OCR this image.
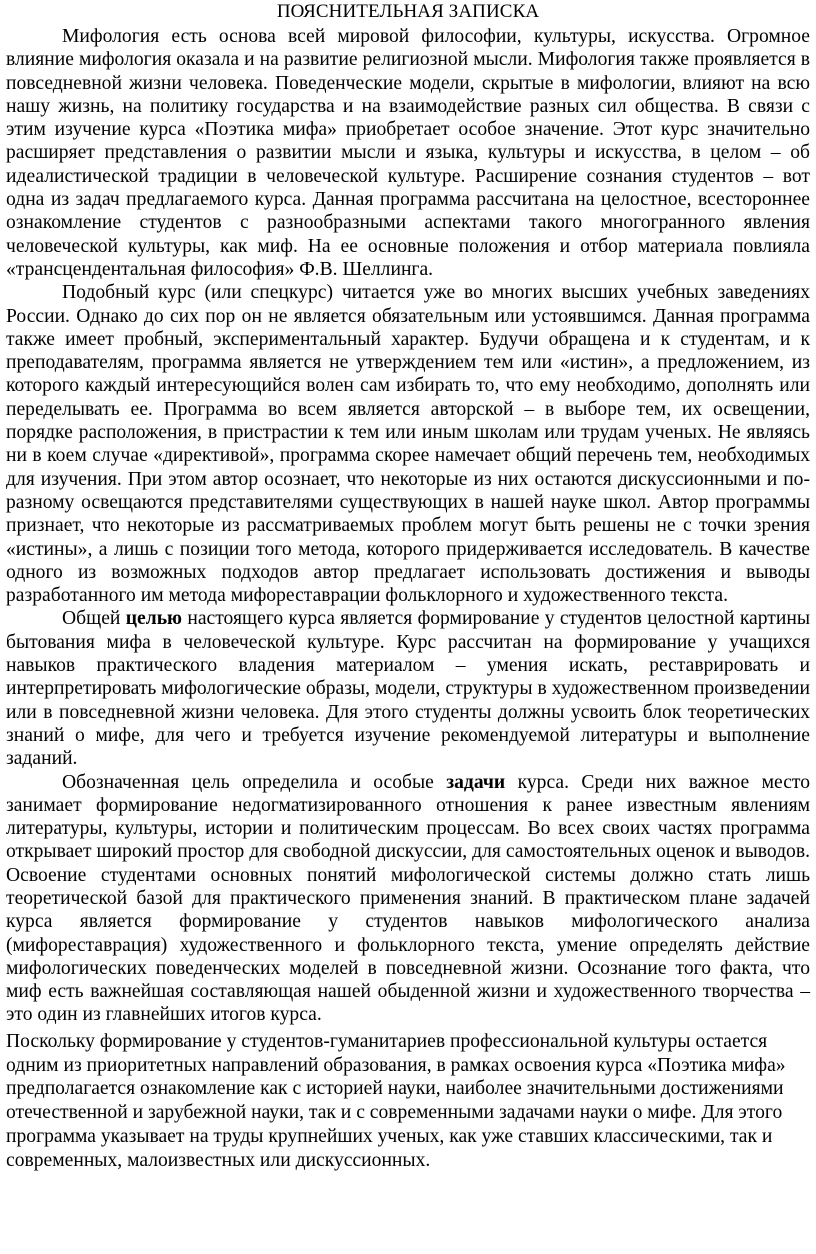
ПОЯСНИТЕЛЬНАЯ ЗАПИСКА

Мифология есть основа всей мировой философии, культуры, искусства. Огромное влияние мифология оказала и на развитие религиозной мысли. Мифология также проявляется в повседневной жизни человека. Поведенческие модели, скрытые в мифологии, влияют на всю нашу жизнь, на политику государства и на взаимодействие разных сил общества. В связи с этим изучение курса «Поэтика мифа» приобретает особое значение. Этот курс значительно расширяет представления о развитии мысли и языка, культуры и искусства, в целом – об идеалистической традиции в человеческой культуре. Расширение сознания студентов – вот одна из задач предлагаемого курса. Данная программа рассчитана на целостное, всестороннее ознакомление студентов с разнообразными аспектами такого многогранного явления человеческой культуры, как миф. На ее основные положения и отбор материала повлияла «трансцендентальная философия» Ф.В. Шеллинга.

Подобный курс (или спецкурс) читается уже во многих высших учебных заведениях России. Однако до сих пор он не является обязательным или устоявшимся. Данная программа также имеет пробный, экспериментальный характер. Будучи обращена и к студентам, и к преподавателям, программа является не утверждением тем или «истин», а предложением, из которого каждый интересующийся волен сам избирать то, что ему необходимо, дополнять или переделывать ее. Программа во всем является авторской – в выборе тем, их освещении, порядке расположения, в пристрастии к тем или иным школам или трудам ученых. Не являясь ни в коем случае «директивой», программа скорее намечает общий перечень тем, необходимых для изучения. При этом автор осознает, что некоторые из них остаются дискуссионными и по-разному освещаются представителями существующих в нашей науке школ. Автор программы признает, что некоторые из рассматриваемых проблем могут быть решены не с точки зрения «истины», а лишь с позиции того метода, которого придерживается исследователь. В качестве одного из возможных подходов автор предлагает использовать достижения и выводы разработанного им метода мифореставрации фольклорного и художественного текста.

Общей целью настоящего курса является формирование у студентов целостной картины бытования мифа в человеческой культуре. Курс рассчитан на формирование у учащихся навыков практического владения материалом – умения искать, реставрировать и интерпретировать мифологические образы, модели, структуры в художественном произведении или в повседневной жизни человека. Для этого студенты должны усвоить блок теоретических знаний о мифе, для чего и требуется изучение рекомендуемой литературы и выполнение заданий.

Обозначенная цель определила и особые задачи курса. Среди них важное место занимает формирование недогматизированного отношения к ранее известным явлениям литературы, культуры, истории и политическим процессам. Во всех своих частях программа открывает широкий простор для свободной дискуссии, для самостоятельных оценок и выводов. Освоение студентами основных понятий мифологической системы должно стать лишь теоретической базой для практического применения знаний. В практическом плане задачей курса является формирование у студентов навыков мифологического анализа (мифореставрация) художественного и фольклорного текста, умение определять действие мифологических поведенческих моделей в повседневной жизни. Осознание того факта, что миф есть важнейшая составляющая нашей обыденной жизни и художественного творчества – это один из главнейших итогов курса.

Поскольку формирование у студентов-гуманитариев профессиональной культуры остается одним из приоритетных направлений образования, в рамках освоения курса «Поэтика мифа» предполагается ознакомление как с историей науки, наиболее значительными достижениями отечественной и зарубежной науки, так и с современными задачами науки о мифе. Для этого программа указывает на труды крупнейших ученых, как уже ставших классическими, так и современных, малоизвестных или дискуссионных.
